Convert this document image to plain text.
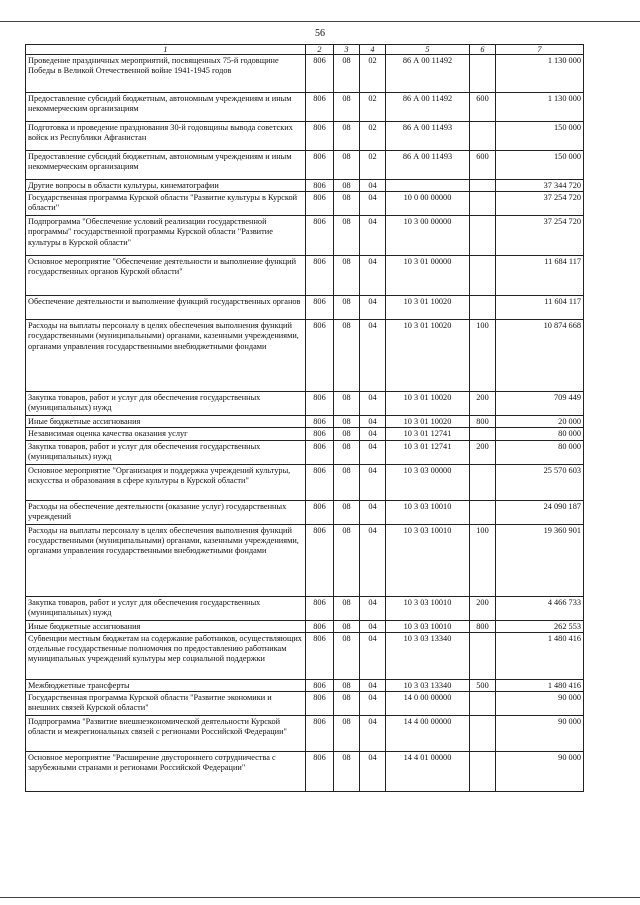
56
1	2	3	4	5	6	7
Проведение праздничных мероприятий, посвященных 75-й годовщине Победы в Великой Отечественной войне 1941-1945 годов	806	08	02	86 А 00 11492		1 130 000
Предоставление субсидий бюджетным, автономным учреждениям и иным некоммерческим организациям	806	08	02	86 А 00 11492	600	1 130 000
Подготовка и проведение празднования 30-й годовщины вывода советских войск из Республики Афганистан	806	08	02	86 А 00 11493		150 000
Предоставление субсидий бюджетным, автономным учреждениям и иным некоммерческим организациям	806	08	02	86 А 00 11493	600	150 000
Другие вопросы в области культуры, кинематографии	806	08	04			37 344 720
Государственная программа Курской области "Развитие культуры в Курской области"	806	08	04	10 0 00 00000		37 254 720
Подпрограмма "Обеспечение условий реализации государственной программы" государственной программы Курской области "Развитие культуры в Курской области"	806	08	04	10 3 00 00000		37 254 720
Основное мероприятие "Обеспечение деятельности и выполнение функций государственных органов Курской области"	806	08	04	10 3 01 00000		11 684 117
Обеспечение деятельности и выполнение функций государственных органов	806	08	04	10 3 01 10020		11 604 117
Расходы на выплаты персоналу в целях обеспечения выполнения функций государственными (муниципальными) органами, казенными учреждениями, органами управления государственными внебюджетными фондами	806	08	04	10 3 01 10020	100	10 874 668
Закупка товаров, работ и услуг для обеспечения государственных (муниципальных) нужд	806	08	04	10 3 01 10020	200	709 449
Иные бюджетные ассигнования	806	08	04	10 3 01 10020	800	20 000
Независимая оценка качества оказания услуг	806	08	04	10 3 01 12741		80 000
Закупка товаров, работ и услуг для обеспечения государственных (муниципальных) нужд	806	08	04	10 3 01 12741	200	80 000
Основное мероприятие "Организация и поддержка учреждений культуры, искусства и образования в сфере культуры в Курской области"	806	08	04	10 3 03 00000		25 570 603
Расходы на обеспечение деятельности (оказание услуг) государственных учреждений	806	08	04	10 3 03 10010		24 090 187
Расходы на выплаты персоналу в целях обеспечения выполнения функций государственными (муниципальными) органами, казенными учреждениями, органами управления государственными внебюджетными фондами	806	08	04	10 3 03 10010	100	19 360 901
Закупка товаров, работ и услуг для обеспечения государственных (муниципальных) нужд	806	08	04	10 3 03 10010	200	4 466 733
Иные бюджетные ассигнования	806	08	04	10 3 03 10010	800	262 553
Субвенции местным бюджетам на содержание работников, осуществляющих отдельные государственные полномочия по предоставлению работникам муниципальных учреждений культуры мер социальной поддержки	806	08	04	10 3 03 13340		1 480 416
Межбюджетные трансферты	806	08	04	10 3 03 13340	500	1 480 416
Государственная программа Курской области "Развитие экономики и внешних связей Курской области"	806	08	04	14 0 00 00000		90 000
Подпрограмма "Развитие внешнеэкономической деятельности Курской области и межрегиональных связей с регионами Российской Федерации"	806	08	04	14 4 00 00000		90 000
Основное мероприятие "Расширение двустороннего сотрудничества с зарубежными странами и регионами Российской Федерации"	806	08	04	14 4 01 00000		90 000
